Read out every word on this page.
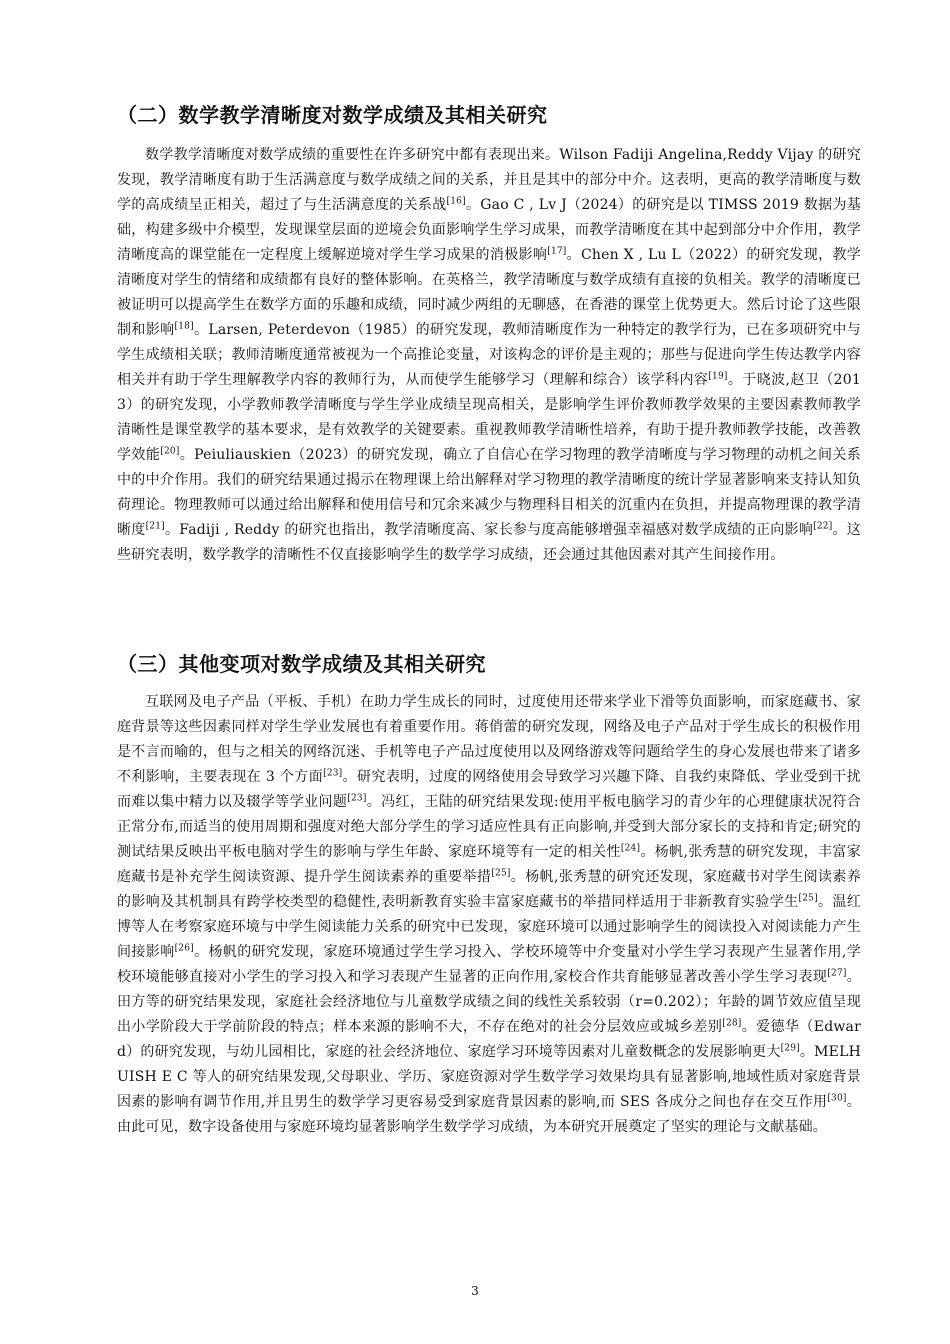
（二）数学教学清晰度对数学成绩及其相关研究

数学教学清晰度对数学成绩的重要性在许多研究中都有表现出来。Wilson Fadiji Angelina,Reddy Vijay 的研究发现，教学清晰度有助于生活满意度与数学成绩之间的关系，并且是其中的部分中介。这表明，更高的教学清晰度与数学的高成绩呈正相关，超过了与生活满意度的关系战[16]。Gao C , Lv J（2024）的研究是以 TIMSS 2019 数据为基础，构建多级中介模型，发现课堂层面的逆境会负面影响学生学习成果，而教学清晰度在其中起到部分中介作用，教学清晰度高的课堂能在一定程度上缓解逆境对学生学习成果的消极影响[17]。Chen X , Lu L（2022）的研究发现，教学清晰度对学生的情绪和成绩都有良好的整体影响。在英格兰，教学清晰度与数学成绩有直接的负相关。教学的清晰度已被证明可以提高学生在数学方面的乐趣和成绩，同时减少两组的无聊感，在香港的课堂上优势更大。然后讨论了这些限制和影响[18]。Larsen, Peterdevon（1985）的研究发现，教师清晰度作为一种特定的教学行为，已在多项研究中与学生成绩相关联；教师清晰度通常被视为一个高推论变量，对该构念的评价是主观的；那些与促进向学生传达教学内容相关并有助于学生理解教学内容的教师行为，从而使学生能够学习（理解和综合）该学科内容[19]。于晓波,赵卫（2013）的研究发现，小学教师教学清晰度与学生学业成绩呈现高相关，是影响学生评价教师教学效果的主要因素教师教学清晰性是课堂教学的基本要求，是有效教学的关键要素。重视教师教学清晰性培养，有助于提升教师教学技能，改善教学效能[20]。Peiuliauskien（2023）的研究发现，确立了自信心在学习物理的教学清晰度与学习物理的动机之间关系中的中介作用。我们的研究结果通过揭示在物理课上给出解释对学习物理的教学清晰度的统计学显著影响来支持认知负荷理论。物理教师可以通过给出解释和使用信号和冗余来减少与物理科目相关的沉重内在负担，并提高物理课的教学清晰度[21]。Fadiji , Reddy 的研究也指出，教学清晰度高、家长参与度高能够增强幸福感对数学成绩的正向影响[22]。这些研究表明，数学教学的清晰性不仅直接影响学生的数学学习成绩，还会通过其他因素对其产生间接作用。

（三）其他变项对数学成绩及其相关研究

互联网及电子产品（平板、手机）在助力学生成长的同时，过度使用还带来学业下滑等负面影响，而家庭藏书、家庭背景等这些因素同样对学生学业发展也有着重要作用。蒋俏蕾的研究发现，网络及电子产品对于学生成长的积极作用是不言而喻的，但与之相关的网络沉迷、手机等电子产品过度使用以及网络游戏等问题给学生的身心发展也带来了诸多不利影响，主要表现在 3 个方面[23]。研究表明，过度的网络使用会导致学习兴趣下降、自我约束降低、学业受到干扰而难以集中精力以及辍学等学业问题[23]。冯红，王陆的研究结果发现:使用平板电脑学习的青少年的心理健康状况符合正常分布,而适当的使用周期和强度对绝大部分学生的学习适应性具有正向影响,并受到大部分家长的支持和肯定;研究的测试结果反映出平板电脑对学生的影响与学生年龄、家庭环境等有一定的相关性[24]。杨帆,张秀慧的研究发现，丰富家庭藏书是补充学生阅读资源、提升学生阅读素养的重要举措[25]。杨帆,张秀慧的研究还发现，家庭藏书对学生阅读素养的影响及其机制具有跨学校类型的稳健性,表明新教育实验丰富家庭藏书的举措同样适用于非新教育实验学生[25]。温红博等人在考察家庭环境与中学生阅读能力关系的研究中已发现，家庭环境可以通过影响学生的阅读投入对阅读能力产生间接影响[26]。杨帆的研究发现，家庭环境通过学生学习投入、学校环境等中介变量对小学生学习表现产生显著作用,学校环境能够直接对小学生的学习投入和学习表现产生显著的正向作用,家校合作共育能够显著改善小学生学习表现[27]。田方等的研究结果发现，家庭社会经济地位与儿童数学成绩之间的线性关系较弱（r=0.202）；年龄的调节效应值呈现出小学阶段大于学前阶段的特点；样本来源的影响不大，不存在绝对的社会分层效应或城乡差别[28]。爱德华（Edward）的研究发现，与幼儿园相比，家庭的社会经济地位、家庭学习环境等因素对儿童数概念的发展影响更大[29]。MELHUISH E C 等人的研究结果发现,父母职业、学历、家庭资源对学生数学学习效果均具有显著影响,地域性质对家庭背景因素的影响有调节作用,并且男生的数学学习更容易受到家庭背景因素的影响,而 SES 各成分之间也存在交互作用[30]。由此可见，数字设备使用与家庭环境均显著影响学生数学学习成绩，为本研究开展奠定了坚实的理论与文献基础。

3
